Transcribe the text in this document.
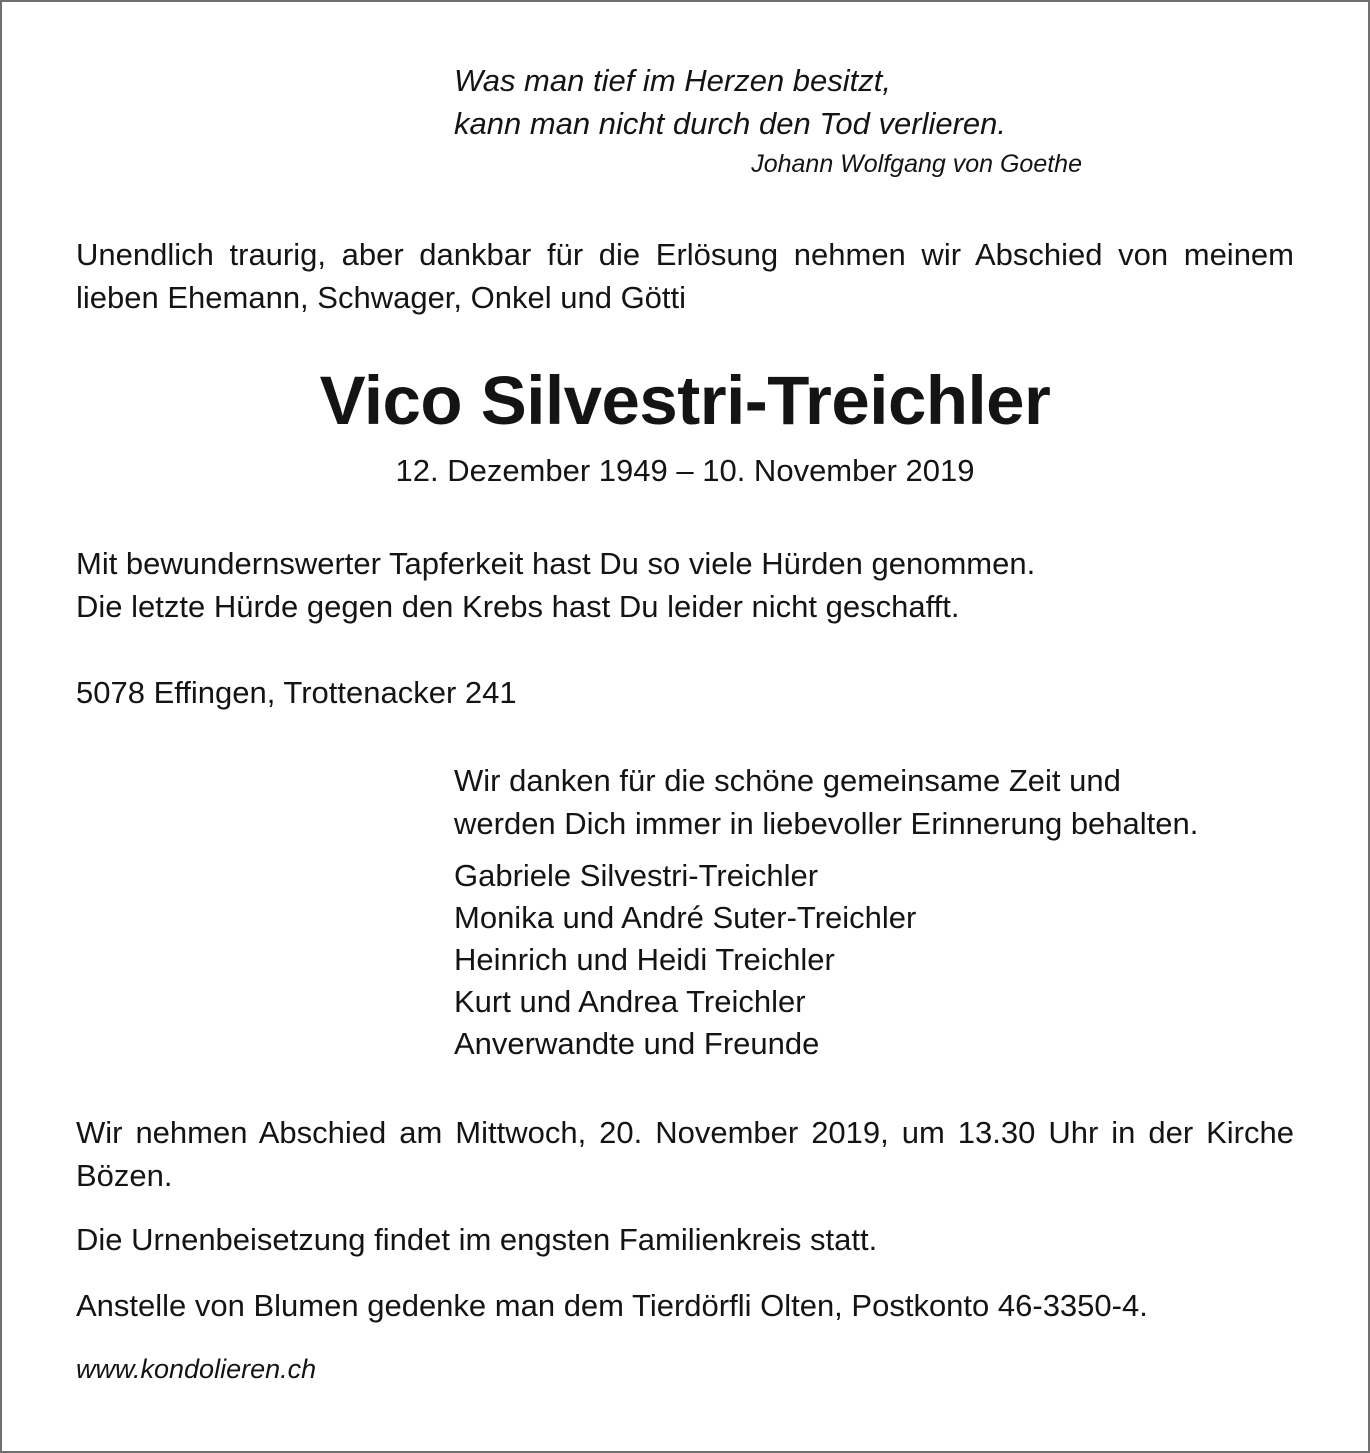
Was man tief im Herzen besitzt,

kann man nicht durch den Tod verlieren.

Johann Wolfgang von Goethe

Unendlich traurig, aber dankbar für die Erlösung nehmen wir Abschied von meinem lieben Ehemann, Schwager, Onkel und Götti

Vico Silvestri-Treichler

12. Dezember 1949 – 10. November 2019

Mit bewundernswerter Tapferkeit hast Du so viele Hürden genommen.

Die letzte Hürde gegen den Krebs hast Du leider nicht geschafft.

5078 Effingen, Trottenacker 241

Wir danken für die schöne gemeinsame Zeit und

werden Dich immer in liebevoller Erinnerung behalten.

Gabriele Silvestri-Treichler
Monika und André Suter-Treichler
Heinrich und Heidi Treichler
Kurt und Andrea Treichler
Anverwandte und Freunde

Wir nehmen Abschied am Mittwoch, 20. November 2019, um 13.30 Uhr in der Kirche Bözen.

Die Urnenbeisetzung findet im engsten Familienkreis statt.

Anstelle von Blumen gedenke man dem Tierdörfli Olten, Postkonto 46-3350-4.

www.kondolieren.ch
